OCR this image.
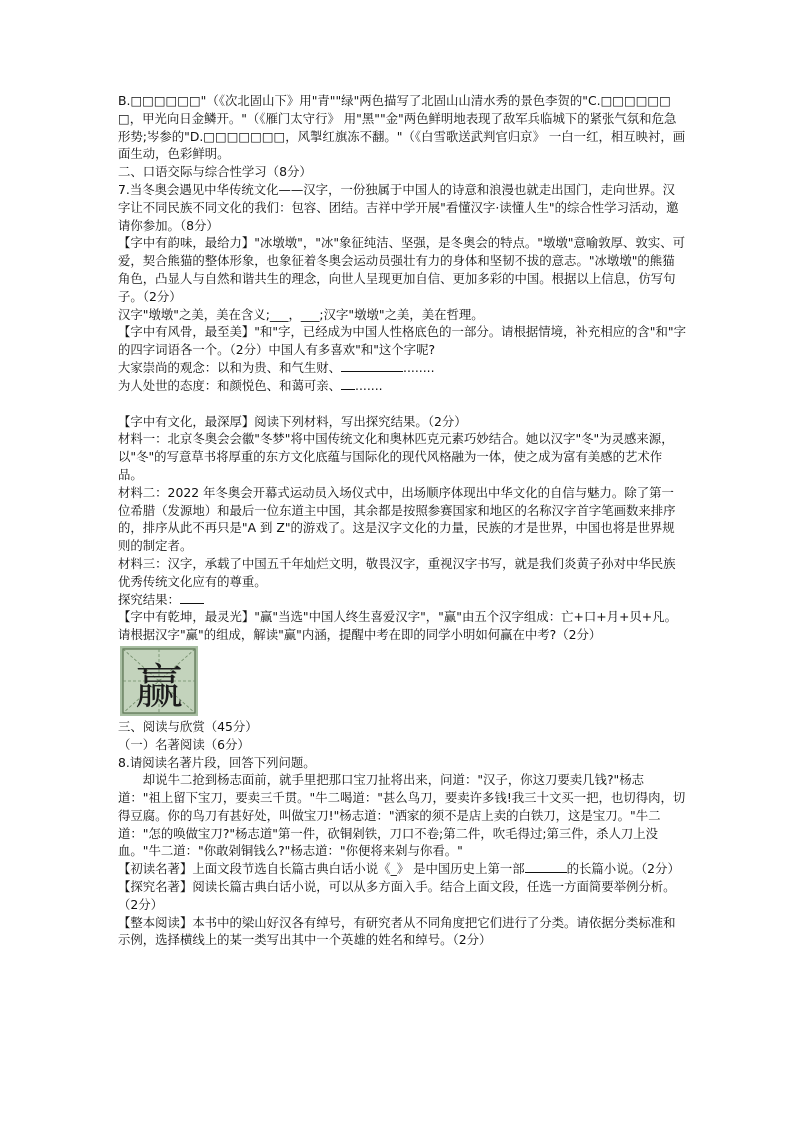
B.□□□□□□"（《次北固山下》用"青""绿"两色描写了北固山山清水秀的景色李贺的"C.□□□□□□□，甲光向日金鳞开。"（《雁门太守行》 用"黑""金"两色鲜明地表现了敌军兵临城下的紧张气氛和危急形势;岑参的"D.□□□□□□□，风掣红旗冻不翻。"（《白雪歌送武判官归京》 一白一红，相互映衬，画面生动，色彩鲜明。

二、口语交际与综合性学习（8分）

7.当冬奥会遇见中华传统文化——汉字，一份独属于中国人的诗意和浪漫也就走出国门，走向世界。汉字让不同民族不同文化的我们：包容、团结。吉祥中学开展"看懂汉字·读懂人生"的综合性学习活动，邀请你参加。（8分）

【字中有韵味，最给力】"冰墩墩"，"冰"象征纯洁、坚强，是冬奥会的特点。"墩墩"意喻敦厚、敦实、可爱，契合熊猫的整体形象，也象征着冬奥会运动员强壮有力的身体和坚韧不拔的意志。"冰墩墩"的熊猫角色，凸显人与自然和谐共生的理念，向世人呈现更加自信、更加多彩的中国。根据以上信息，仿写句子。（2分）

汉字"墩墩"之美，美在含义;___，___;汉字"墩墩"之美，美在哲理。

【字中有风骨，最至美】"和"字，已经成为中国人性格底色的一部分。请根据情境，补充相应的含"和"字的四字词语各一个。（2分）中国人有多喜欢"和"这个字呢?

大家崇尚的观念：以和为贵、和气生财、	........

为人处世的态度：和颜悦色、和蔼可亲、 .......

【字中有文化，最深厚】阅读下列材料，写出探究结果。（2分）

材料一：北京冬奥会会徽"冬梦"将中国传统文化和奥林匹克元素巧妙结合。她以汉字"冬"为灵感来源，以"冬"的写意草书将厚重的东方文化底蕴与国际化的现代风格融为一体，使之成为富有美感的艺术作品。

材料二：2022 年冬奥会开幕式运动员入场仪式中，出场顺序体现出中华文化的自信与魅力。除了第一位希腊（发源地）和最后一位东道主中国，其余都是按照参赛国家和地区的名称汉字首字笔画数来排序的，排序从此不再只是"A 到 Z"的游戏了。这是汉字文化的力量，民族的才是世界，中国也将是世界规则的制定者。

材料三：汉字，承载了中国五千年灿烂文明，敬畏汉字，重视汉字书写，就是我们炎黄子孙对中华民族优秀传统文化应有的尊重。

探究结果：

【字中有乾坤，最灵光】"赢"当选"中国人终生喜爱汉字"，"赢"由五个汉字组成：亡+口+月+贝+凡。请根据汉字"赢"的组成，解读"赢"内涵，提醒中考在即的同学小明如何赢在中考?（2分）

赢

三、阅读与欣赏（45分）

（一）名著阅读（6分）

8.请阅读名著片段，回答下列问题。

却说牛二抢到杨志面前，就手里把那口宝刀扯将出来，问道："汉子，你这刀要卖几钱?"杨志道："祖上留下宝刀，要卖三千贯。"牛二喝道："甚么鸟刀，要卖许多钱!我三十文买一把，也切得肉，切得豆腐。你的鸟刀有甚好处，叫做宝刀!"杨志道："洒家的须不是店上卖的白铁刀，这是宝刀。"牛二道："怎的唤做宝刀?"杨志道"第一件，砍铜剁铁，刀口不卷;第二件，吹毛得过;第三件，杀人刀上没血。"牛二道："你敢剁铜钱么?"杨志道："你便将来剁与你看。"

【初读名著】上面文段节选自长篇古典白话小说《_》 是中国历史上第一部	的长篇小说。（2分）

【探究名著】阅读长篇古典白话小说，可以从多方面入手。结合上面文段，任选一方面简要举例分析。（2分）

【整本阅读】本书中的梁山好汉各有绰号，有研究者从不同角度把它们进行了分类。请依据分类标准和示例，选择横线上的某一类写出其中一个英雄的姓名和绰号。（2分）
